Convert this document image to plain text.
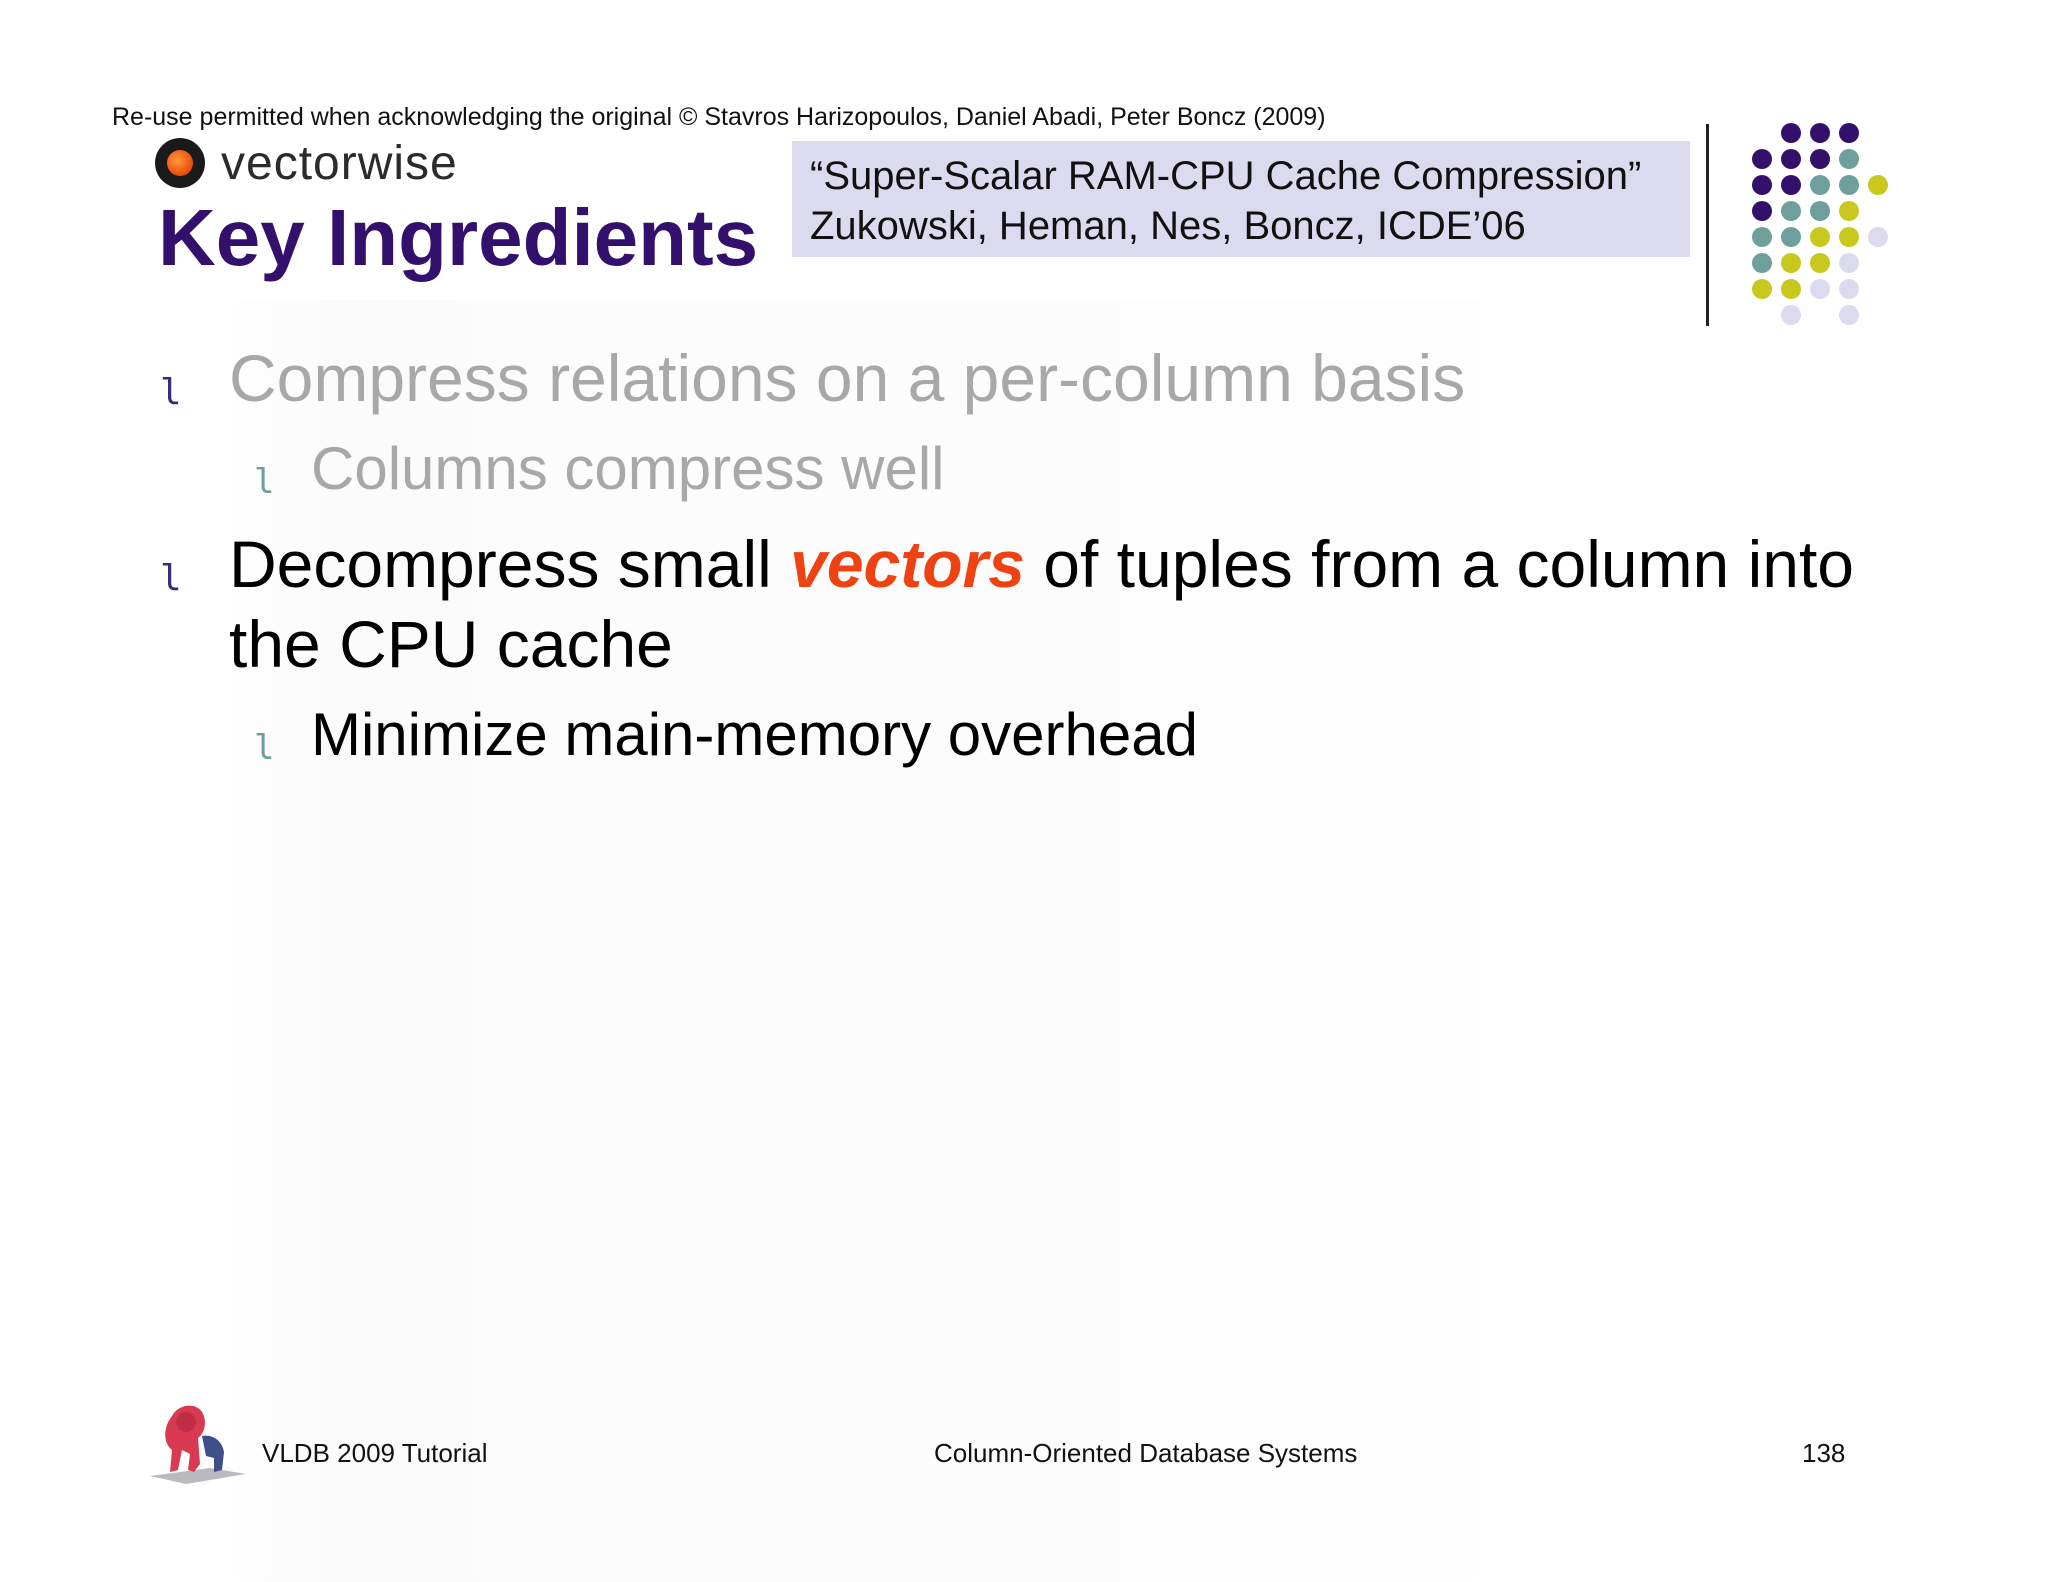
Re-use permitted when acknowledging the original © Stavros Harizopoulos, Daniel Abadi, Peter Boncz (2009)
vectorwise
Key Ingredients
“Super-Scalar RAM-CPU Cache Compression”
Zukowski, Heman, Nes, Boncz, ICDE’06
l Compress relations on a per-column basis
l Columns compress well
l Decompress small vectors of tuples from a column into
the CPU cache
l Minimize main-memory overhead
VLDB 2009 Tutorial	Column-Oriented Database Systems	138
